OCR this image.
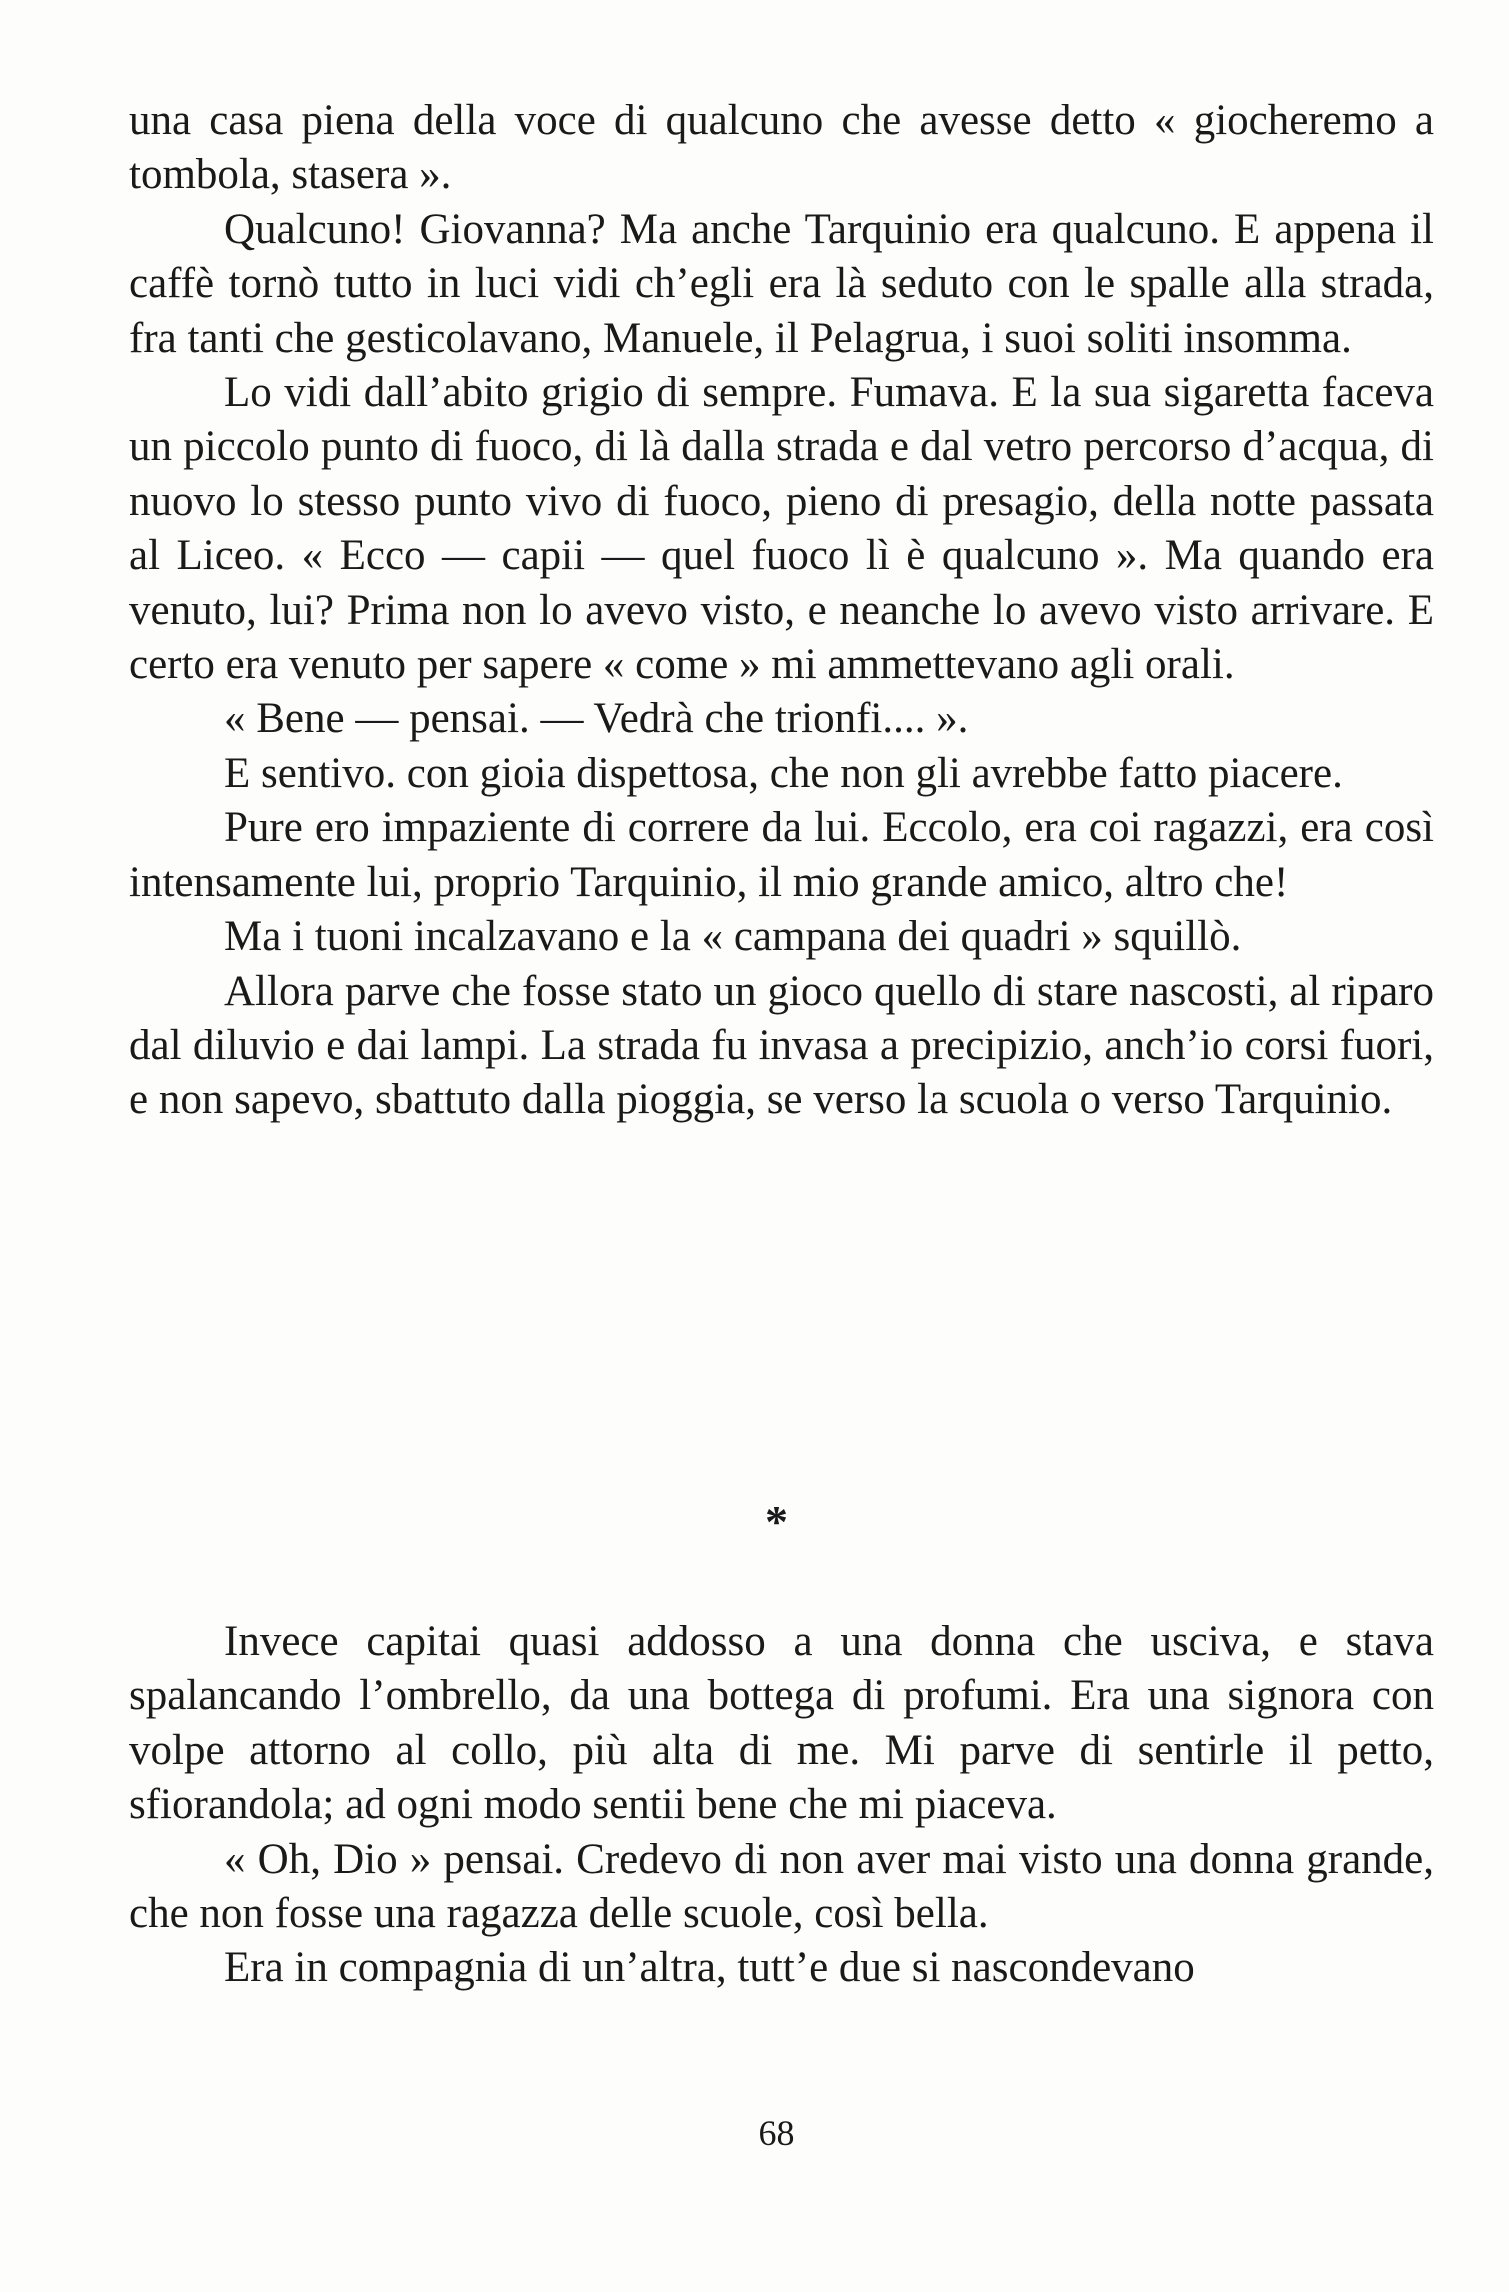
una casa piena della voce di qualcuno che avesse detto « giocheremo a tombola, stasera ».

Qualcuno! Giovanna? Ma anche Tarquinio era qualcuno. E appena il caffè tornò tutto in luci vidi ch’egli era là seduto con le spalle alla strada, fra tanti che gesticolavano, Manuele, il Pelagrua, i suoi soliti insomma.

Lo vidi dall’abito grigio di sempre. Fumava. E la sua sigaretta faceva un piccolo punto di fuoco, di là dalla strada e dal vetro percorso d’acqua, di nuovo lo stesso punto vivo di fuoco, pieno di presagio, della notte passata al Liceo. « Ecco — capii — quel fuoco lì è qualcuno ». Ma quando era venuto, lui? Prima non lo avevo visto, e neanche lo avevo visto arrivare. E certo era venuto per sapere « come » mi ammettevano agli orali.

« Bene — pensai. — Vedrà che trionfi.... ».

E sentivo. con gioia dispettosa, che non gli avrebbe fatto piacere.

Pure ero impaziente di correre da lui. Eccolo, era coi ragazzi, era così intensamente lui, proprio Tarquinio, il mio grande amico, altro che!

Ma i tuoni incalzavano e la « campana dei quadri » squillò.

Allora parve che fosse stato un gioco quello di stare nascosti, al riparo dal diluvio e dai lampi. La strada fu invasa a precipizio, anch’io corsi fuori, e non sapevo, sbattuto dalla pioggia, se verso la scuola o verso Tarquinio.

*

Invece capitai quasi addosso a una donna che usciva, e stava spalancando l’ombrello, da una bottega di profumi. Era una signora con volpe attorno al collo, più alta di me. Mi parve di sentirle il petto, sfiorandola; ad ogni modo sentii bene che mi piaceva.

« Oh, Dio » pensai. Credevo di non aver mai visto una donna grande, che non fosse una ragazza delle scuole, così bella.

Era in compagnia di un’altra, tutt’e due si nascondevano

68
